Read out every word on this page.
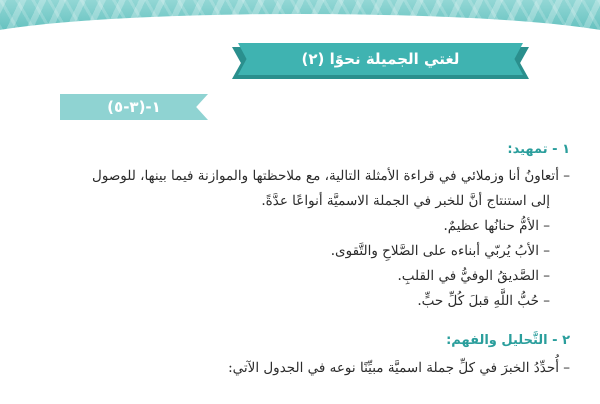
لغتي الجميلة نحوًا (٢)
١-(٣-٥)
١ - تمهيد:
– أتعاونُ أنا وزملائي في قراءة الأمثلة التالية، مع ملاحظتها والموازنة فيما بينها، للوصول
إلى استنتاج أنَّ للخبر في الجملة الاسميَّة أنواعًا عدَّةً.
– الأمُّ حنانُها عظيمٌ.
– الأبُ يُربّي أبناءه على الصَّلاحِ والتَّقوى.
– الصَّديقُ الوفيُّ في القلبِ.
– حُبُّ اللَّهِ قبلَ كُلِّ حبٍّ.
٢ - التَّحليل والفهم:
– أُحدِّدُ الخبرَ في كلِّ جملة اسميَّة مبيِّنًا نوعه في الجدول الآتي:
